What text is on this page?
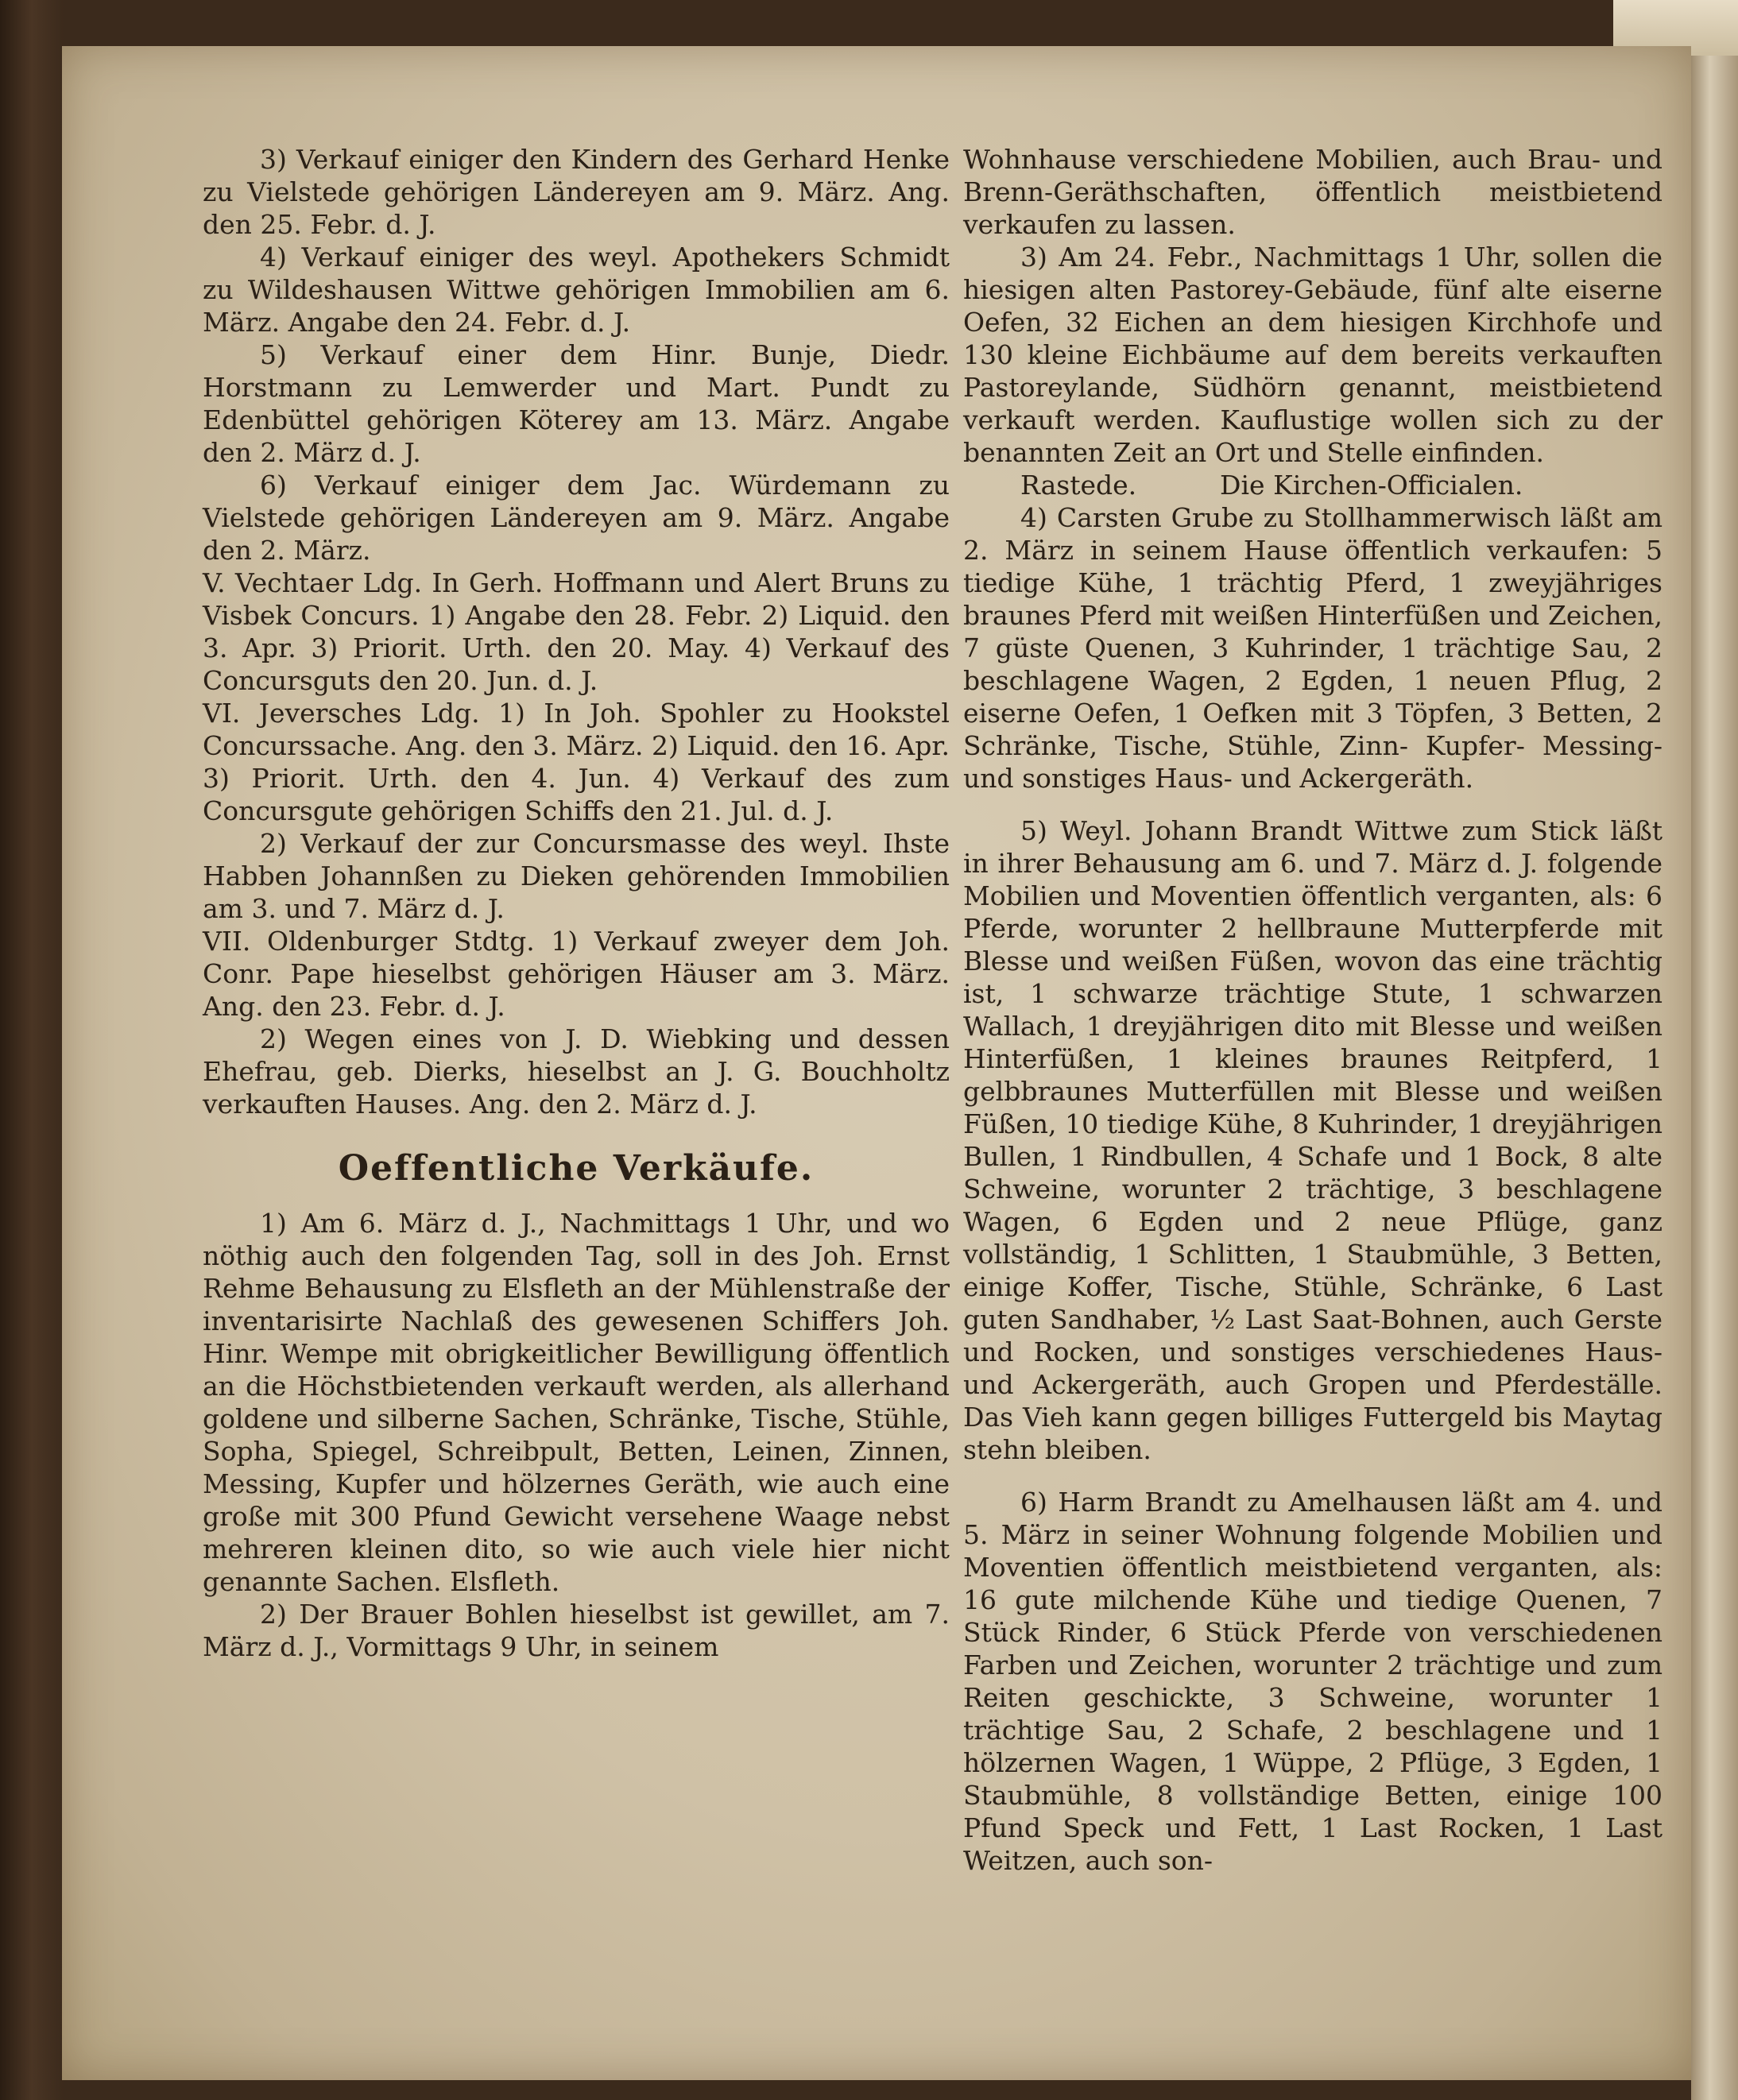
3) Verkauf einiger den Kindern des Gerhard Henke zu Vielstede gehörigen Ländereyen am 9. März. Ang. den 25. Febr. d. J.

4) Verkauf einiger des weyl. Apothekers Schmidt zu Wildeshausen Wittwe gehörigen Immobilien am 6. März. Angabe den 24. Febr. d. J.

5) Verkauf einer dem Hinr. Bunje, Diedr. Horstmann zu Lemwerder und Mart. Pundt zu Edenbüttel gehörigen Köterey am 13. März. Angabe den 2. März d. J.

6) Verkauf einiger dem Jac. Würdemann zu Vielstede gehörigen Ländereyen am 9. März. Angabe den 2. März.

V. Vechtaer Ldg. In Gerh. Hoffmann und Alert Bruns zu Visbek Concurs. 1) Angabe den 28. Febr. 2) Liquid. den 3. Apr. 3) Priorit. Urth. den 20. May. 4) Verkauf des Concursguts den 20. Jun. d. J.

VI. Jeversches Ldg. 1) In Joh. Spohler zu Hookstel Concurssache. Ang. den 3. März. 2) Liquid. den 16. Apr. 3) Priorit. Urth. den 4. Jun. 4) Verkauf des zum Concursgute gehörigen Schiffs den 21. Jul. d. J.

2) Verkauf der zur Concursmasse des weyl. Ihste Habben Johannßen zu Dieken gehörenden Immobilien am 3. und 7. März d. J.

VII. Oldenburger Stdtg. 1) Verkauf zweyer dem Joh. Conr. Pape hieselbst gehörigen Häuser am 3. März. Ang. den 23. Febr. d. J.

2) Wegen eines von J. D. Wiebking und dessen Ehefrau, geb. Dierks, hieselbst an J. G. Bouchholtz verkauften Hauses. Ang. den 2. März d. J.

Oeffentliche Verkäufe.

1) Am 6. März d. J., Nachmittags 1 Uhr, und wo nöthig auch den folgenden Tag, soll in des Joh. Ernst Rehme Behausung zu Elsfleth an der Mühlenstraße der inventarisirte Nachlaß des gewesenen Schiffers Joh. Hinr. Wempe mit obrigkeitlicher Bewilligung öffentlich an die Höchstbietenden verkauft werden, als allerhand goldene und silberne Sachen, Schränke, Tische, Stühle, Sopha, Spiegel, Schreibpult, Betten, Leinen, Zinnen, Messing, Kupfer und hölzernes Geräth, wie auch eine große mit 300 Pfund Gewicht versehene Waage nebst mehreren kleinen dito, so wie auch viele hier nicht genannte Sachen. Elsfleth.

2) Der Brauer Bohlen hieselbst ist gewillet, am 7. März d. J., Vormittags 9 Uhr, in seinem

Wohnhause verschiedene Mobilien, auch Brau- und Brenn-Geräthschaften, öffentlich meistbietend verkaufen zu lassen.

3) Am 24. Febr., Nachmittags 1 Uhr, sollen die hiesigen alten Pastorey-Gebäude, fünf alte eiserne Oefen, 32 Eichen an dem hiesigen Kirchhofe und 130 kleine Eichbäume auf dem bereits verkauften Pastoreylande, Südhörn genannt, meistbietend verkauft werden. Kauflustige wollen sich zu der benannten Zeit an Ort und Stelle einfinden.

Rastede.          Die Kirchen-Officialen.

4) Carsten Grube zu Stollhammerwisch läßt am 2. März in seinem Hause öffentlich verkaufen: 5 tiedige Kühe, 1 trächtig Pferd, 1 zweyjähriges braunes Pferd mit weißen Hinterfüßen und Zeichen, 7 güste Quenen, 3 Kuhrinder, 1 trächtige Sau, 2 beschlagene Wagen, 2 Egden, 1 neuen Pflug, 2 eiserne Oefen, 1 Oefken mit 3 Töpfen, 3 Betten, 2 Schränke, Tische, Stühle, Zinn- Kupfer- Messing- und sonstiges Haus- und Ackergeräth.

5) Weyl. Johann Brandt Wittwe zum Stick läßt in ihrer Behausung am 6. und 7. März d. J. folgende Mobilien und Moventien öffentlich verganten, als: 6 Pferde, worunter 2 hellbraune Mutterpferde mit Blesse und weißen Füßen, wovon das eine trächtig ist, 1 schwarze trächtige Stute, 1 schwarzen Wallach, 1 dreyjährigen dito mit Blesse und weißen Hinterfüßen, 1 kleines braunes Reitpferd, 1 gelbbraunes Mutterfüllen mit Blesse und weißen Füßen, 10 tiedige Kühe, 8 Kuhrinder, 1 dreyjährigen Bullen, 1 Rindbullen, 4 Schafe und 1 Bock, 8 alte Schweine, worunter 2 trächtige, 3 beschlagene Wagen, 6 Egden und 2 neue Pflüge, ganz vollständig, 1 Schlitten, 1 Staubmühle, 3 Betten, einige Koffer, Tische, Stühle, Schränke, 6 Last guten Sandhaber, ½ Last Saat-Bohnen, auch Gerste und Rocken, und sonstiges verschiedenes Haus- und Ackergeräth, auch Gropen und Pferdeställe. Das Vieh kann gegen billiges Futtergeld bis Maytag stehn bleiben.

6) Harm Brandt zu Amelhausen läßt am 4. und 5. März in seiner Wohnung folgende Mobilien und Moventien öffentlich meistbietend verganten, als: 16 gute milchende Kühe und tiedige Quenen, 7 Stück Rinder, 6 Stück Pferde von verschiedenen Farben und Zeichen, worunter 2 trächtige und zum Reiten geschickte, 3 Schweine, worunter 1 trächtige Sau, 2 Schafe, 2 beschlagene und 1 hölzernen Wagen, 1 Wüppe, 2 Pflüge, 3 Egden, 1 Staubmühle, 8 vollständige Betten, einige 100 Pfund Speck und Fett, 1 Last Rocken, 1 Last Weitzen, auch son-
